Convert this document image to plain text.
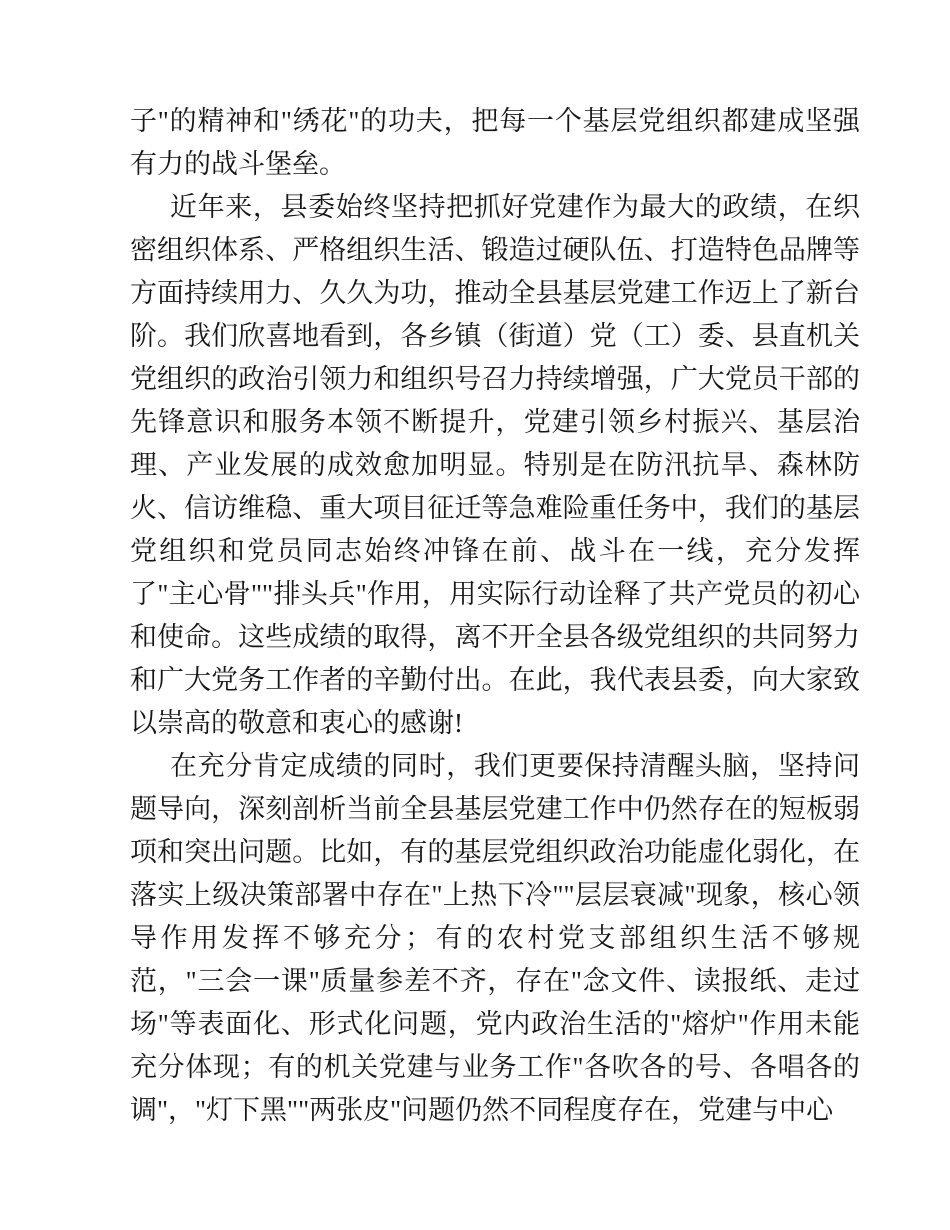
子"的精神和"绣花"的功夫，把每一个基层党组织都建成坚强有力的战斗堡垒。

近年来，县委始终坚持把抓好党建作为最大的政绩，在织密组织体系、严格组织生活、锻造过硬队伍、打造特色品牌等方面持续用力、久久为功，推动全县基层党建工作迈上了新台阶。我们欣喜地看到，各乡镇（街道）党（工）委、县直机关党组织的政治引领力和组织号召力持续增强，广大党员干部的先锋意识和服务本领不断提升，党建引领乡村振兴、基层治理、产业发展的成效愈加明显。特别是在防汛抗旱、森林防火、信访维稳、重大项目征迁等急难险重任务中，我们的基层党组织和党员同志始终冲锋在前、战斗在一线，充分发挥了"主心骨""排头兵"作用，用实际行动诠释了共产党员的初心和使命。这些成绩的取得，离不开全县各级党组织的共同努力和广大党务工作者的辛勤付出。在此，我代表县委，向大家致以崇高的敬意和衷心的感谢!

在充分肯定成绩的同时，我们更要保持清醒头脑，坚持问题导向，深刻剖析当前全县基层党建工作中仍然存在的短板弱项和突出问题。比如，有的基层党组织政治功能虚化弱化，在落实上级决策部署中存在"上热下冷""层层衰减"现象，核心领导作用发挥不够充分；有的农村党支部组织生活不够规范，"三会一课"质量参差不齐，存在"念文件、读报纸、走过场"等表面化、形式化问题，党内政治生活的"熔炉"作用未能充分体现；有的机关党建与业务工作"各吹各的号、各唱各的调"，"灯下黑""两张皮"问题仍然不同程度存在，党建与中心
